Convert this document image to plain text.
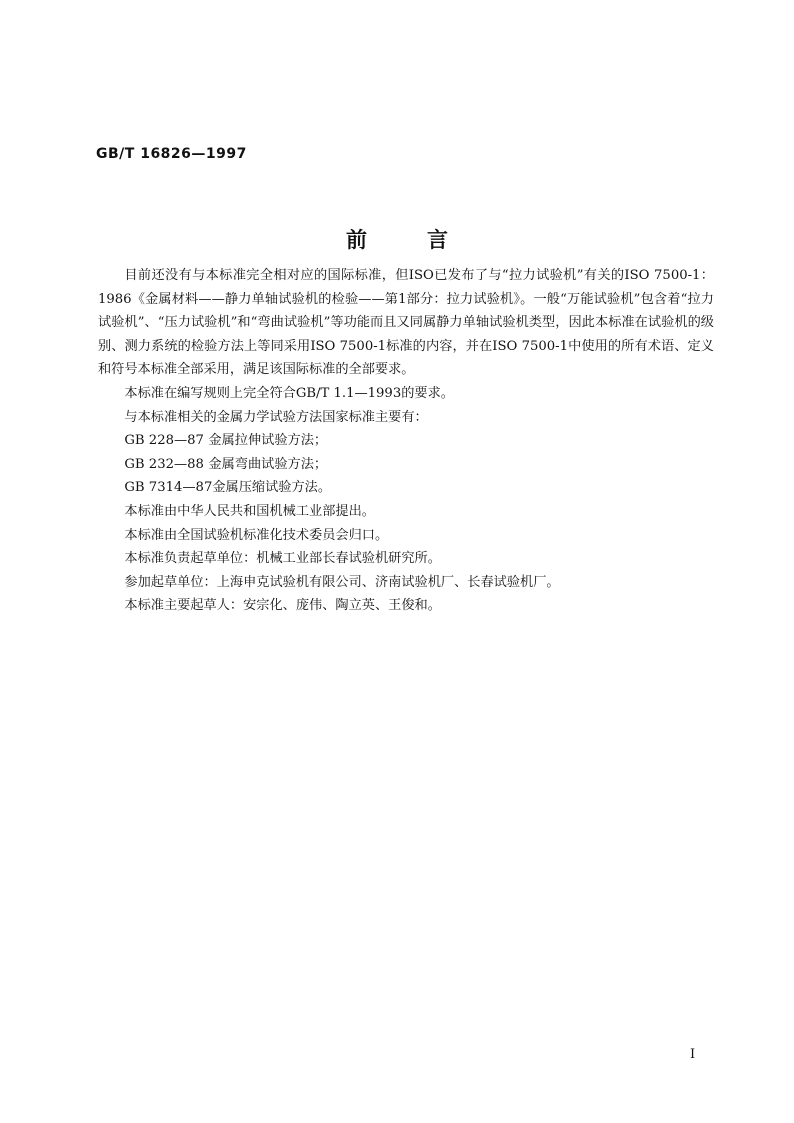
GB/T 16826—1997
前言

目前还没有与本标准完全相对应的国际标准，但ISO已发布了与“拉力试验机”有关的ISO 7500-1：1986《金属材料——静力单轴试验机的检验——第1部分：拉力试验机》。一般“万能试验机”包含着“拉力试验机”、“压力试验机”和“弯曲试验机”等功能而且又同属静力单轴试验机类型，因此本标准在试验机的级别、测力系统的检验方法上等同采用ISO 7500-1标准的内容，并在ISO 7500-1中使用的所有术语、定义和符号本标准全部采用，满足该国际标准的全部要求。

本标准在编写规则上完全符合GB/T 1.1—1993的要求。

与本标准相关的金属力学试验方法国家标准主要有：

GB 228—87 金属拉伸试验方法；

GB 232—88 金属弯曲试验方法；

GB 7314—87金属压缩试验方法。

本标准由中华人民共和国机械工业部提出。

本标准由全国试验机标准化技术委员会归口。

本标准负责起草单位：机械工业部长春试验机研究所。

参加起草单位：上海申克试验机有限公司、济南试验机厂、长春试验机厂。

本标准主要起草人：安宗化、庞伟、陶立英、王俊和。

I
